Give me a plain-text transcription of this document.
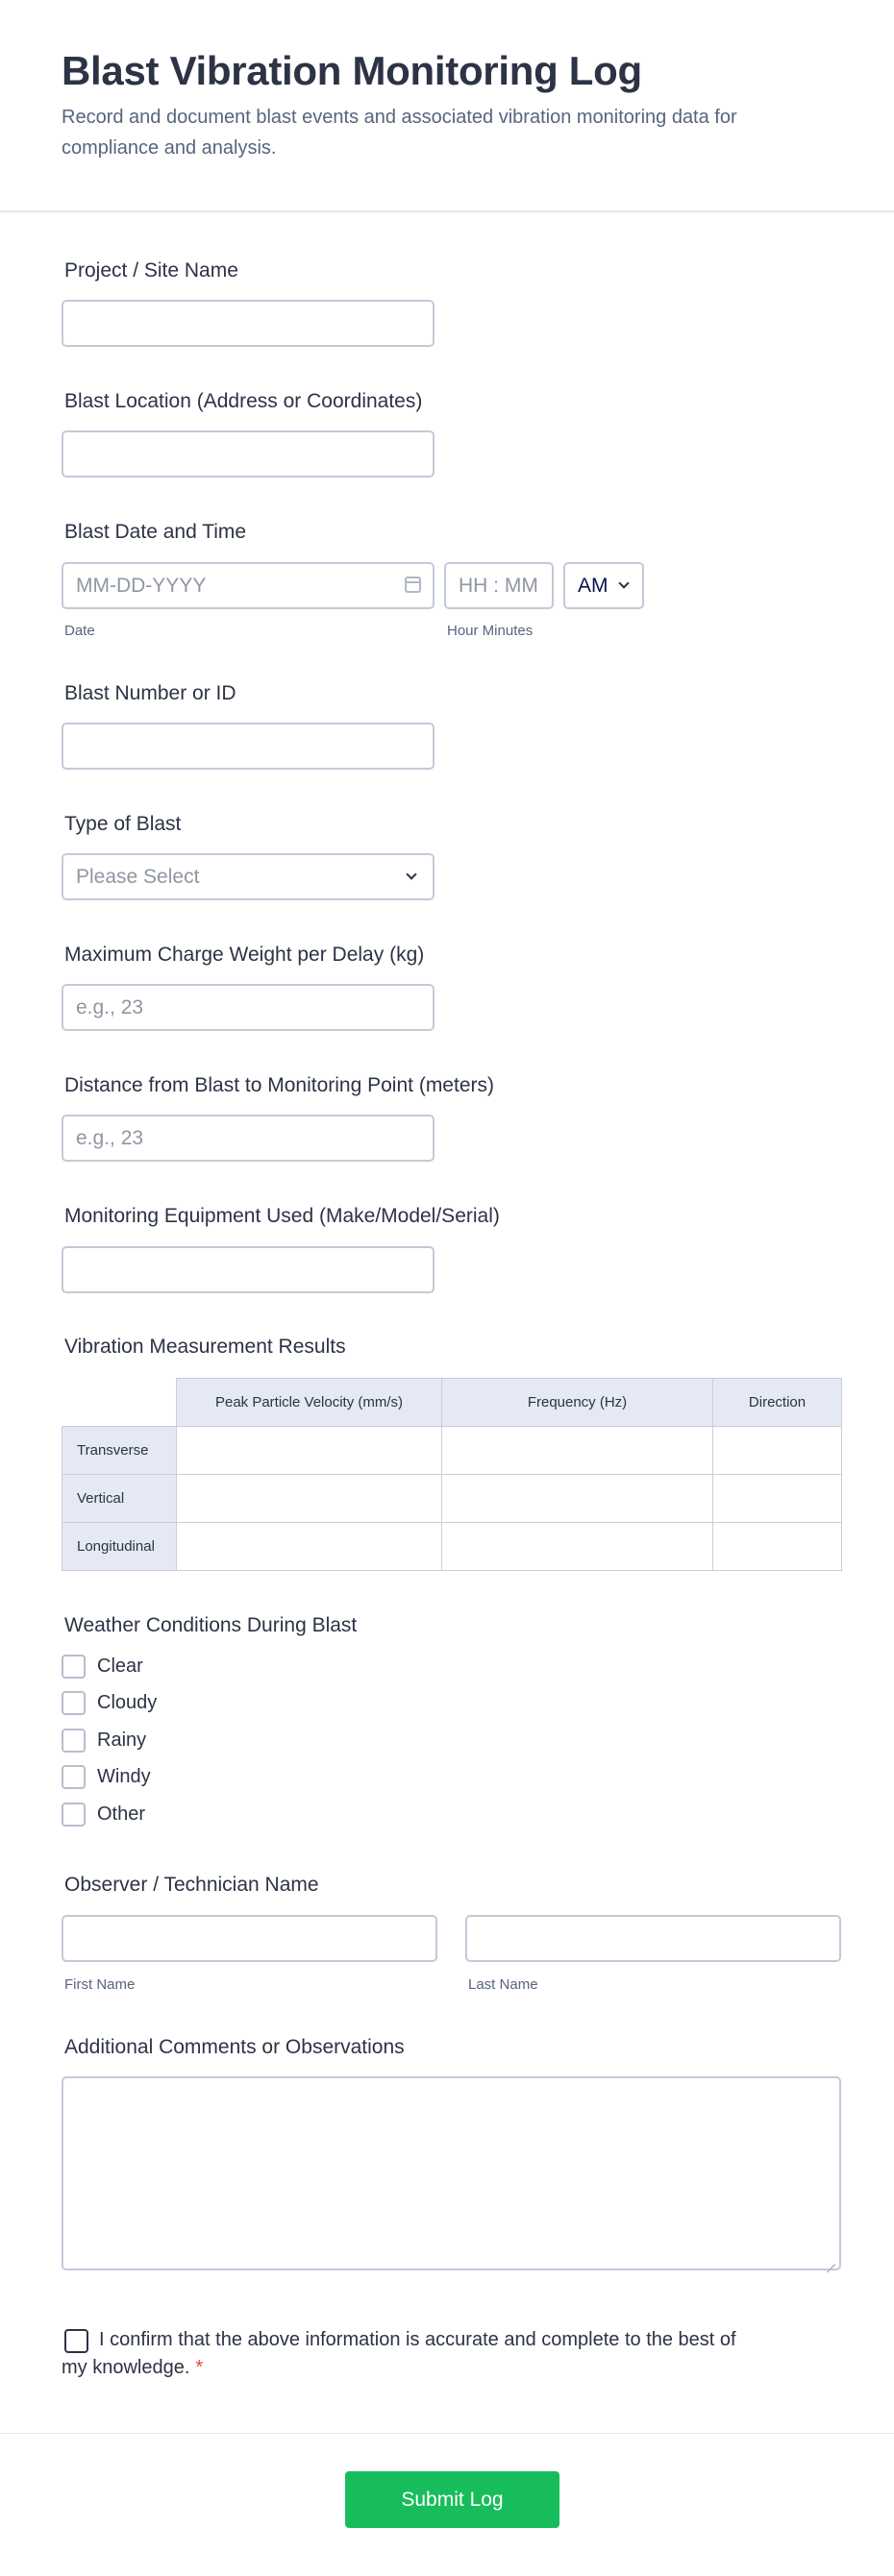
Blast Vibration Monitoring Log

Record and document blast events and associated vibration monitoring data for compliance and analysis.

Project / Site Name
Blast Location (Address or Coordinates)
Blast Date and Time
MM-DD-YYYY
Date
HH : MM
Hour Minutes
AM
Blast Number or ID
Type of Blast
Please Select
Maximum Charge Weight per Delay (kg)
e.g., 23
Distance from Blast to Monitoring Point (meters)
e.g., 23
Monitoring Equipment Used (Make/Model/Serial)
Vibration Measurement Results
	Peak Particle Velocity (mm/s)	Frequency (Hz)	Direction
Transverse			
Vertical			
Longitudinal			
Weather Conditions During Blast
Clear
Cloudy
Rainy
Windy
Other
Observer / Technician Name
First Name	Last Name
Additional Comments or Observations

I confirm that the above information is accurate and complete to the best of my knowledge. *

Submit Log
